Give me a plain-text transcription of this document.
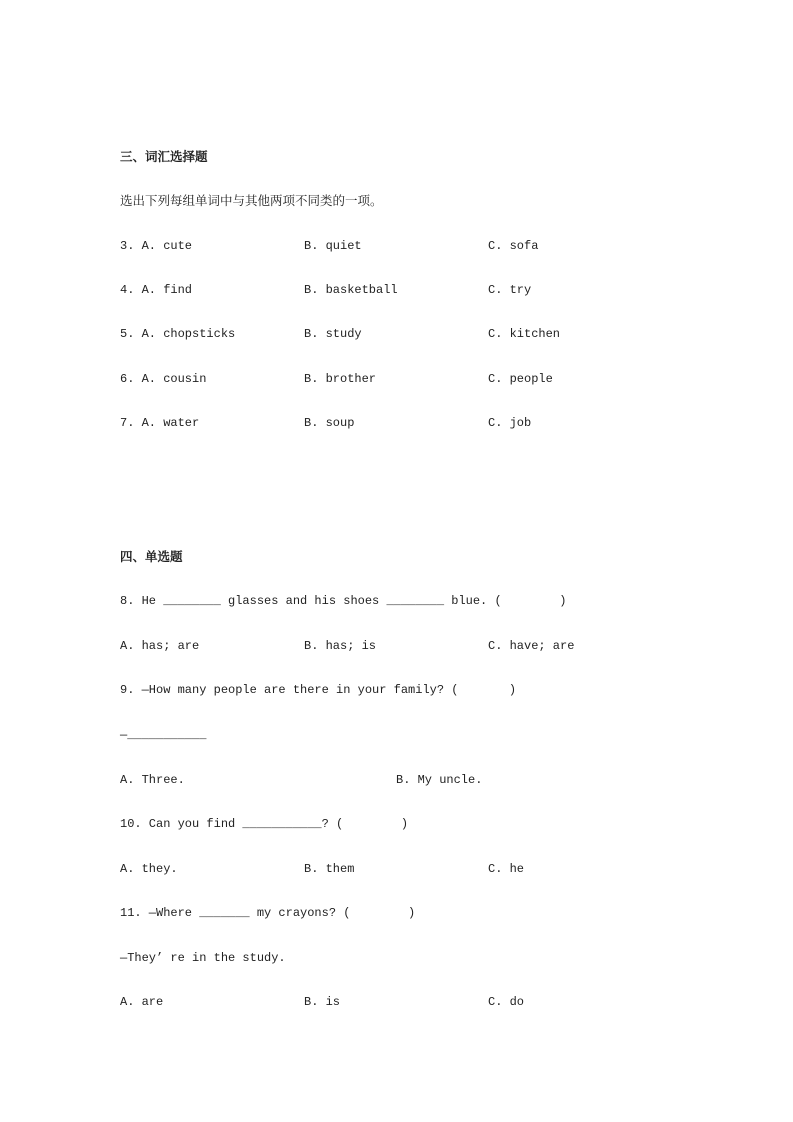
三、词汇选择题
选出下列每组单词中与其他两项不同类的一项。

3. A. cute

	B. quiet

	C. sofa

4. A. find

	B. basketball

	C. try

5. A. chopsticks

	B. study

	C. kitchen

6. A. cousin

	B. brother

	C. people

7. A. water

	B. soup

	C. job

四、单选题
8. He ________ glasses and his shoes ________ blue. (        )

A. has; are

	B. has; is

	C. have; are

9. —How many people are there in your family? (       )
—___________

A. Three.

	B. My uncle.

10. Can you find ___________? (        )

A. they.

	B. them

	C. he

11. —Where _______ my crayons? (        )
—They’ re in the study.

A. are

	B. is

	C. do
